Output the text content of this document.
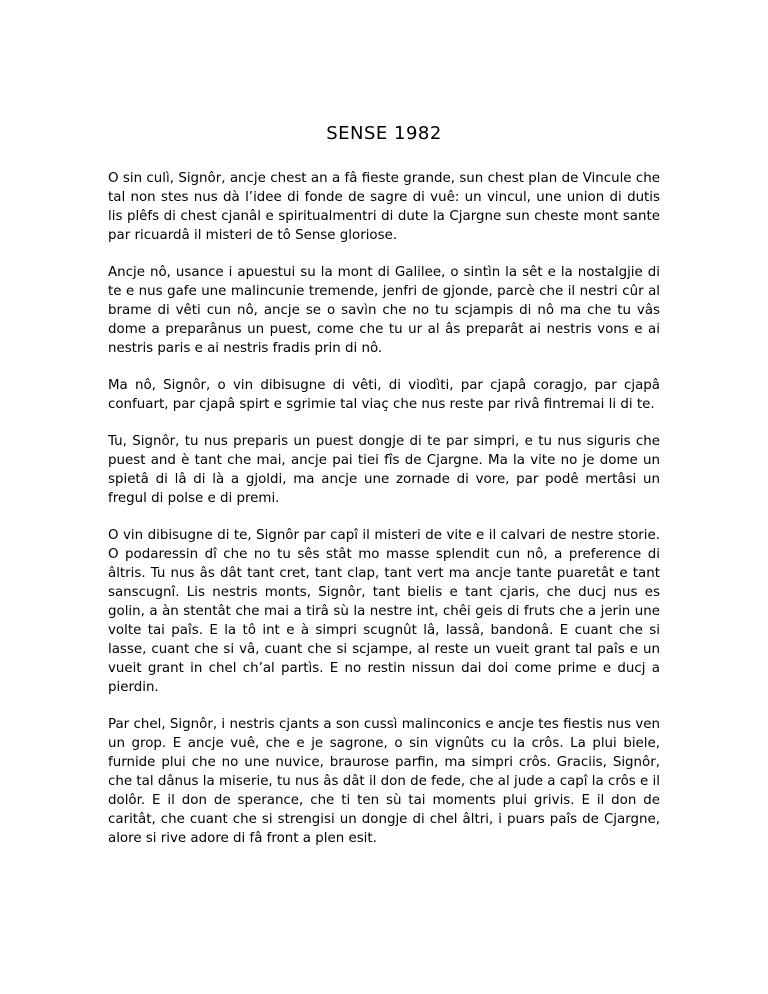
SENSE 1982

O sin culì, Signôr, ancje chest an a fâ fieste grande, sun chest plan de Vincule che tal non stes nus dà l’idee di fonde de sagre di vuê: un vincul, une union di dutis lis plêfs di chest cjanâl e spiritualmentri di dute la Cjargne sun cheste mont sante par ricuardâ il misteri de tô Sense gloriose.

Ancje nô, usance i apuestui su la mont di Galilee, o sintìn la sêt e la nostalgjie di te e nus gafe une malincunie tremende, jenfri de gjonde, parcè che il nestri cûr al brame di vêti cun nô, ancje se o savìn che no tu scjampis di nô ma che tu vâs dome a preparânus un puest, come che tu ur al âs preparât ai nestris vons e ai nestris paris e ai nestris fradis prin di nô.

Ma nô, Signôr, o vin dibisugne di vêti, di viodìti, par cjapâ coragjo, par cjapâ confuart, par cjapâ spirt e sgrimie tal viaç che nus reste par rivâ fintremai li di te.

Tu, Signôr, tu nus preparis un puest dongje di te par simpri, e tu nus siguris che puest and è tant che mai, ancje pai tiei fîs de Cjargne. Ma la vite no je dome un spietâ di lâ di là a gjoldi, ma ancje une zornade di vore, par podê mertâsi un fregul di polse e di premi.

O vin dibisugne di te, Signôr par capî il misteri de vite e il calvari de nestre storie. O podaressin dî che no tu sês stât mo masse splendit cun nô, a preference di âltris. Tu nus âs dât tant cret, tant clap, tant vert ma ancje tante puaretât e tant sanscugnî. Lis nestris monts, Signôr, tant bielis e tant cjaris, che ducj nus es golin, a àn stentât che mai a tirâ sù la nestre int, chêi geis di fruts che a jerin une volte tai paîs. E la tô int e à simpri scugnût lâ, lassâ, bandonâ. E cuant che si lasse, cuant che si vâ, cuant che si scjampe, al reste un vueit grant tal paîs e un vueit grant in chel ch’al partìs. E no restin nissun dai doi come prime e ducj a pierdin.

Par chel, Signôr, i nestris cjants a son cussì malinconics e ancje tes fiestis nus ven un grop. E ancje vuê, che e je sagrone, o sin vignûts cu la crôs. La plui biele, furnide plui che no une nuvice, braurose parfin, ma simpri crôs. Graciis, Signôr, che tal dânus la miserie, tu nus âs dât il don de fede, che al jude a capî la crôs e il dolôr. E il don de sperance, che ti ten sù tai moments plui grivis. E il don de caritât, che cuant che si strengisi un dongje di chel âltri, i puars paîs de Cjargne, alore si rive adore di fâ front a plen esit.
